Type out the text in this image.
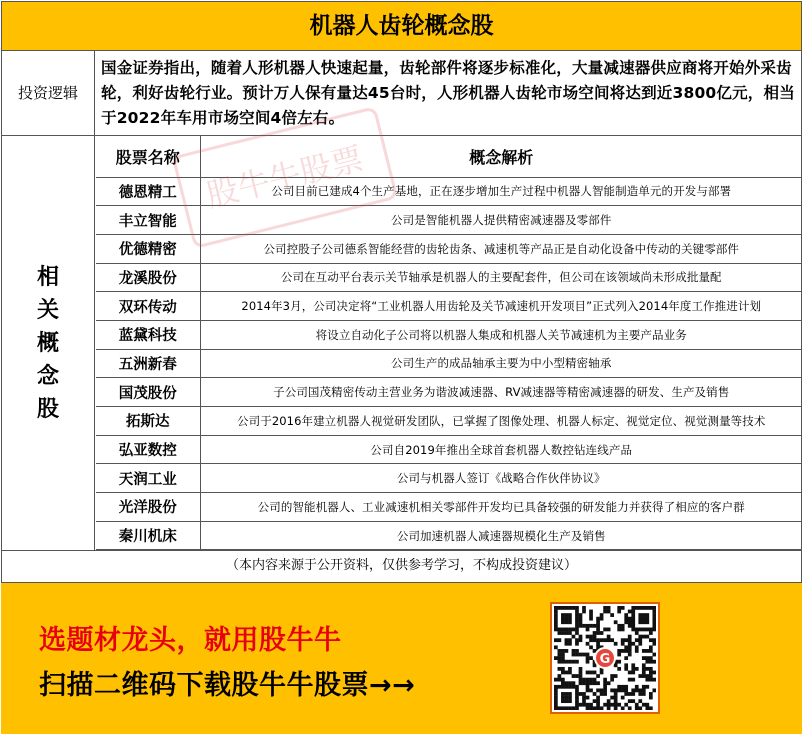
机器人齿轮概念股
投资逻辑
国金证券指出，随着人形机器人快速起量，齿轮部件将逐步标准化，大量减速器供应商将开始外采齿轮，利好齿轮行业。预计万人保有量达45台时，人形机器人齿轮市场空间将达到近3800亿元，相当于2022年车用市场空间4倍左右。
相关概念股
股票名称	概念解析
德恩精工	公司目前已建成4个生产基地，正在逐步增加生产过程中机器人智能制造单元的开发与部署
丰立智能	公司是智能机器人提供精密减速器及零部件
优德精密	公司控股子公司德系智能经营的齿轮齿条、减速机等产品正是自动化设备中传动的关键零部件
龙溪股份	公司在互动平台表示关节轴承是机器人的主要配套件，但公司在该领域尚未形成批量配
双环传动	2014年3月，公司决定将“工业机器人用齿轮及关节减速机开发项目”正式列入2014年度工作推进计划
蓝黛科技	将设立自动化子公司将以机器人集成和机器人关节减速机为主要产品业务
五洲新春	公司生产的成品轴承主要为中小型精密轴承
国茂股份	子公司国茂精密传动主营业务为谐波减速器、RV减速器等精密减速器的研发、生产及销售
拓斯达	公司于2016年建立机器人视觉研发团队，已掌握了图像处理、机器人标定、视觉定位、视觉测量等技术
弘亚数控	公司自2019年推出全球首套机器人数控钻连线产品
天润工业	公司与机器人签订《战略合作伙伴协议》
光洋股份	公司的智能机器人、工业减速机相关零部件开发均已具备较强的研发能力并获得了相应的客户群
秦川机床	公司加速机器人减速器规模化生产及销售
（本内容来源于公开资料，仅供参考学习，不构成投资建议）
选题材龙头，就用股牛牛
扫描二维码下载股牛牛股票→→
G
股牛牛股票
